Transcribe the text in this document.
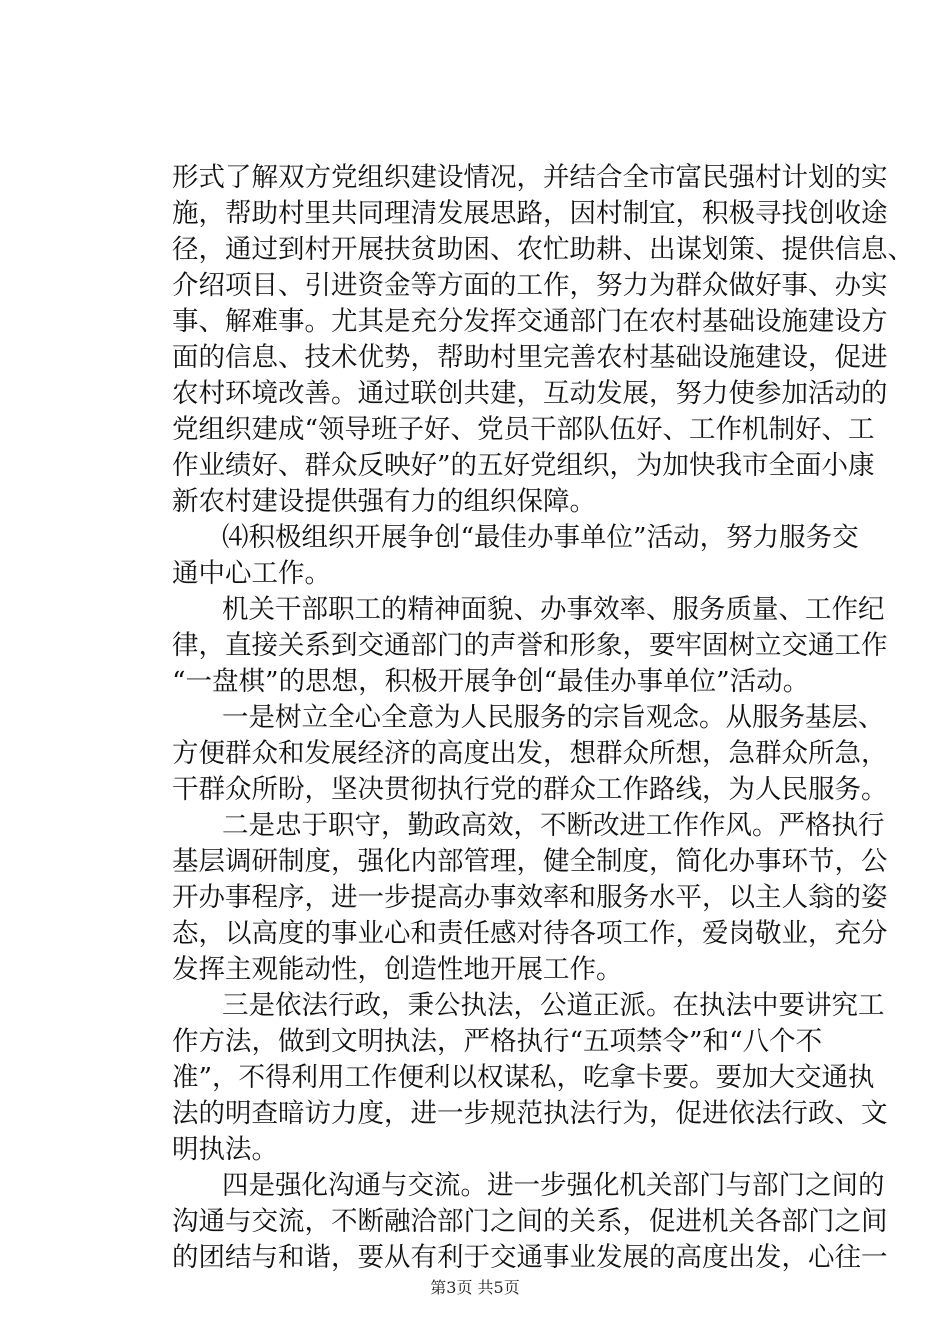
形式了解双方党组织建设情况，并结合全市富民强村计划的实
施，帮助村里共同理清发展思路，因村制宜，积极寻找创收途
径，通过到村开展扶贫助困、农忙助耕、出谋划策、提供信息、
介绍项目、引进资金等方面的工作，努力为群众做好事、办实
事、解难事。尤其是充分发挥交通部门在农村基础设施建设方
面的信息、技术优势，帮助村里完善农村基础设施建设，促进
农村环境改善。通过联创共建，互动发展，努力使参加活动的
党组织建成“领导班子好、党员干部队伍好、工作机制好、工
作业绩好、群众反映好”的五好党组织，为加快我市全面小康
新农村建设提供强有力的组织保障。
⑷积极组织开展争创“最佳办事单位”活动，努力服务交
通中心工作。
机关干部职工的精神面貌、办事效率、服务质量、工作纪
律，直接关系到交通部门的声誉和形象，要牢固树立交通工作
“一盘棋”的思想，积极开展争创“最佳办事单位”活动。
一是树立全心全意为人民服务的宗旨观念。从服务基层、
方便群众和发展经济的高度出发，想群众所想，急群众所急，
干群众所盼，坚决贯彻执行党的群众工作路线，为人民服务。
二是忠于职守，勤政高效，不断改进工作作风。严格执行
基层调研制度，强化内部管理，健全制度，简化办事环节，公
开办事程序，进一步提高办事效率和服务水平，以主人翁的姿
态，以高度的事业心和责任感对待各项工作，爱岗敬业，充分
发挥主观能动性，创造性地开展工作。
三是依法行政，秉公执法，公道正派。在执法中要讲究工
作方法，做到文明执法，严格执行“五项禁令”和“八个不
准”，不得利用工作便利以权谋私，吃拿卡要。要加大交通执
法的明查暗访力度，进一步规范执法行为，促进依法行政、文
明执法。
四是强化沟通与交流。进一步强化机关部门与部门之间的
沟通与交流，不断融洽部门之间的关系，促进机关各部门之间
的团结与和谐，要从有利于交通事业发展的高度出发，心往一
第3页 共5页
